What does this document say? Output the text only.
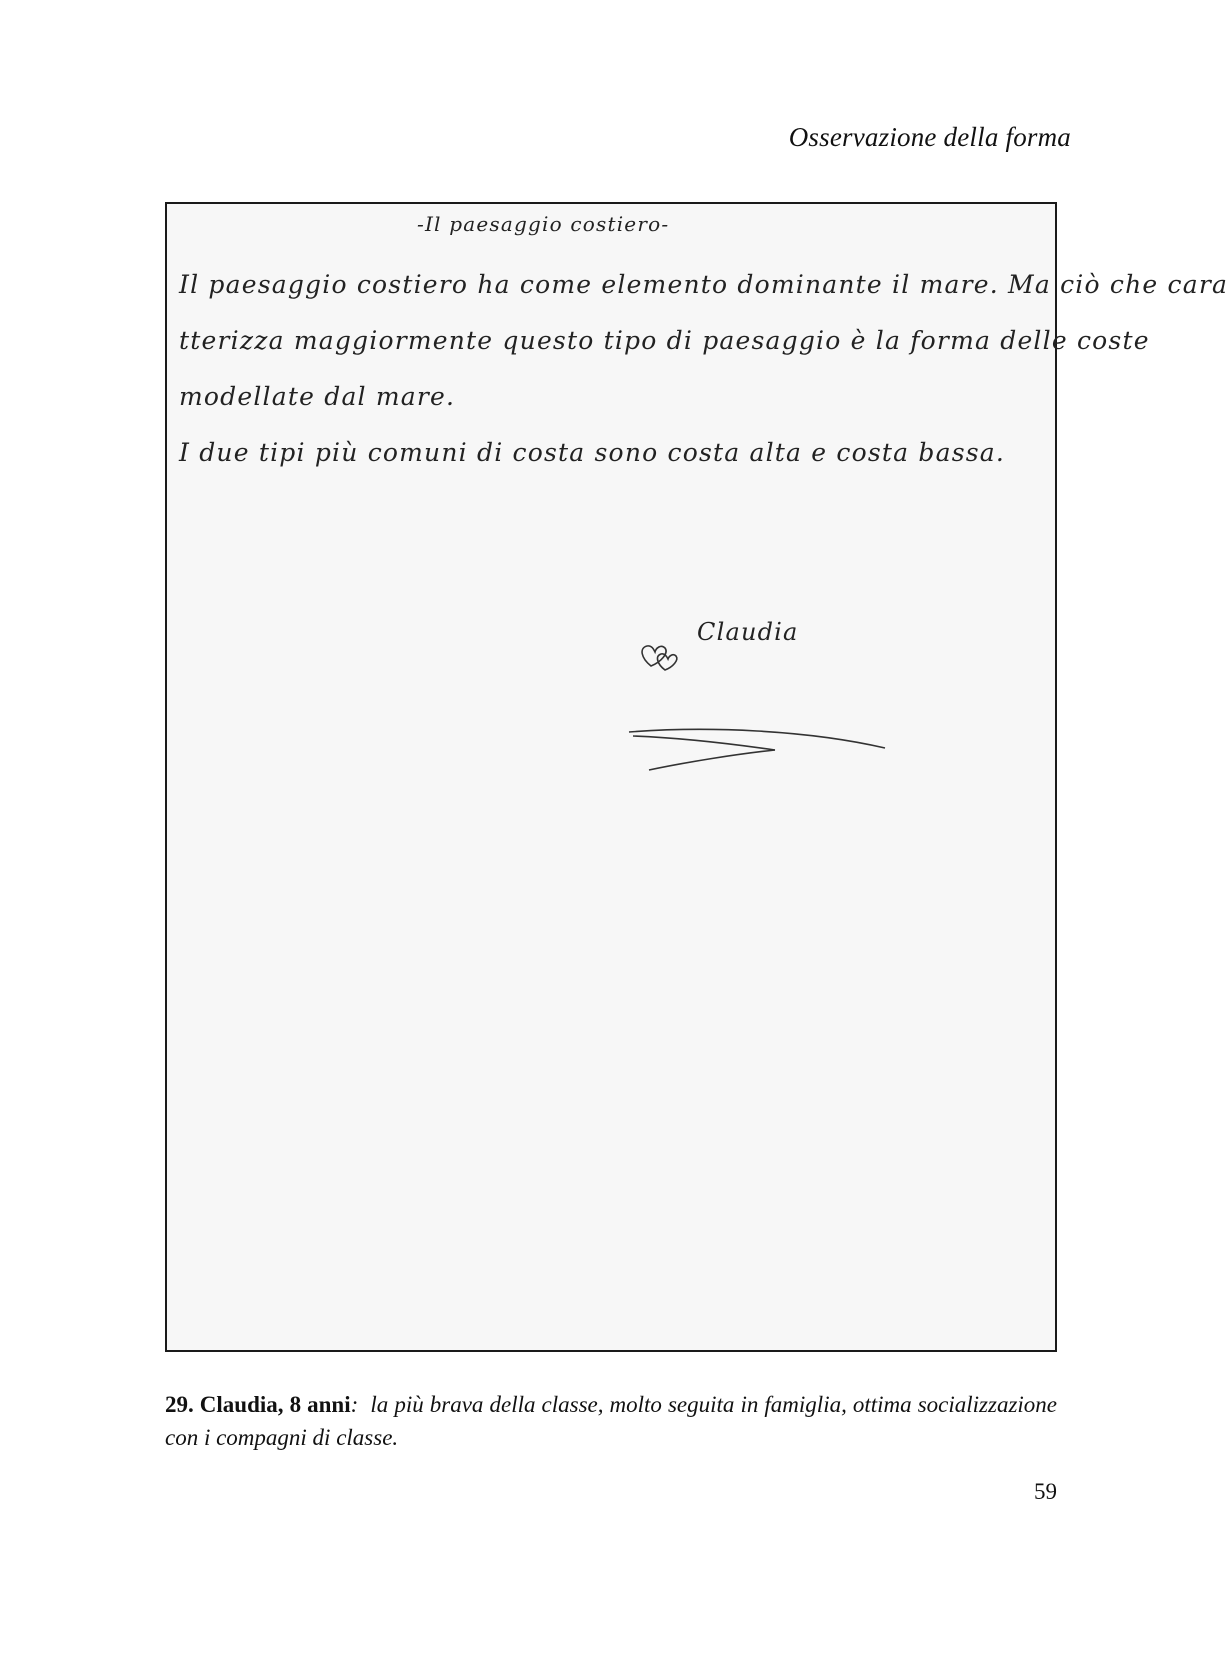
Osservazione della forma
-Il paesaggio costiero-
Il paesaggio costiero ha come elemento dominante il mare. Ma ciò che cara
tterizza maggiormente questo tipo di paesaggio è la forma delle coste
modellate dal mare.
I due tipi più comuni di costa sono costa alta e costa bassa.
Claudia
29. Claudia, 8 anni: la più brava della classe, molto seguita in famiglia, ottima socializzazione con i compagni di classe.
59
